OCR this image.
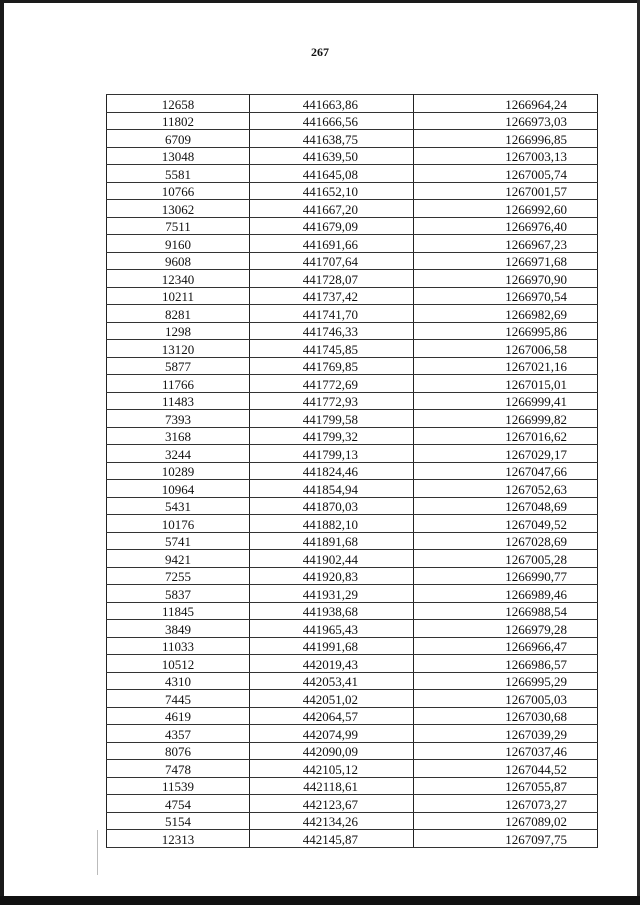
267
12658	441663,86	1266964,24
11802	441666,56	1266973,03
6709	441638,75	1266996,85
13048	441639,50	1267003,13
5581	441645,08	1267005,74
10766	441652,10	1267001,57
13062	441667,20	1266992,60
7511	441679,09	1266976,40
9160	441691,66	1266967,23
9608	441707,64	1266971,68
12340	441728,07	1266970,90
10211	441737,42	1266970,54
8281	441741,70	1266982,69
1298	441746,33	1266995,86
13120	441745,85	1267006,58
5877	441769,85	1267021,16
11766	441772,69	1267015,01
11483	441772,93	1266999,41
7393	441799,58	1266999,82
3168	441799,32	1267016,62
3244	441799,13	1267029,17
10289	441824,46	1267047,66
10964	441854,94	1267052,63
5431	441870,03	1267048,69
10176	441882,10	1267049,52
5741	441891,68	1267028,69
9421	441902,44	1267005,28
7255	441920,83	1266990,77
5837	441931,29	1266989,46
11845	441938,68	1266988,54
3849	441965,43	1266979,28
11033	441991,68	1266966,47
10512	442019,43	1266986,57
4310	442053,41	1266995,29
7445	442051,02	1267005,03
4619	442064,57	1267030,68
4357	442074,99	1267039,29
8076	442090,09	1267037,46
7478	442105,12	1267044,52
11539	442118,61	1267055,87
4754	442123,67	1267073,27
5154	442134,26	1267089,02
12313	442145,87	1267097,75
